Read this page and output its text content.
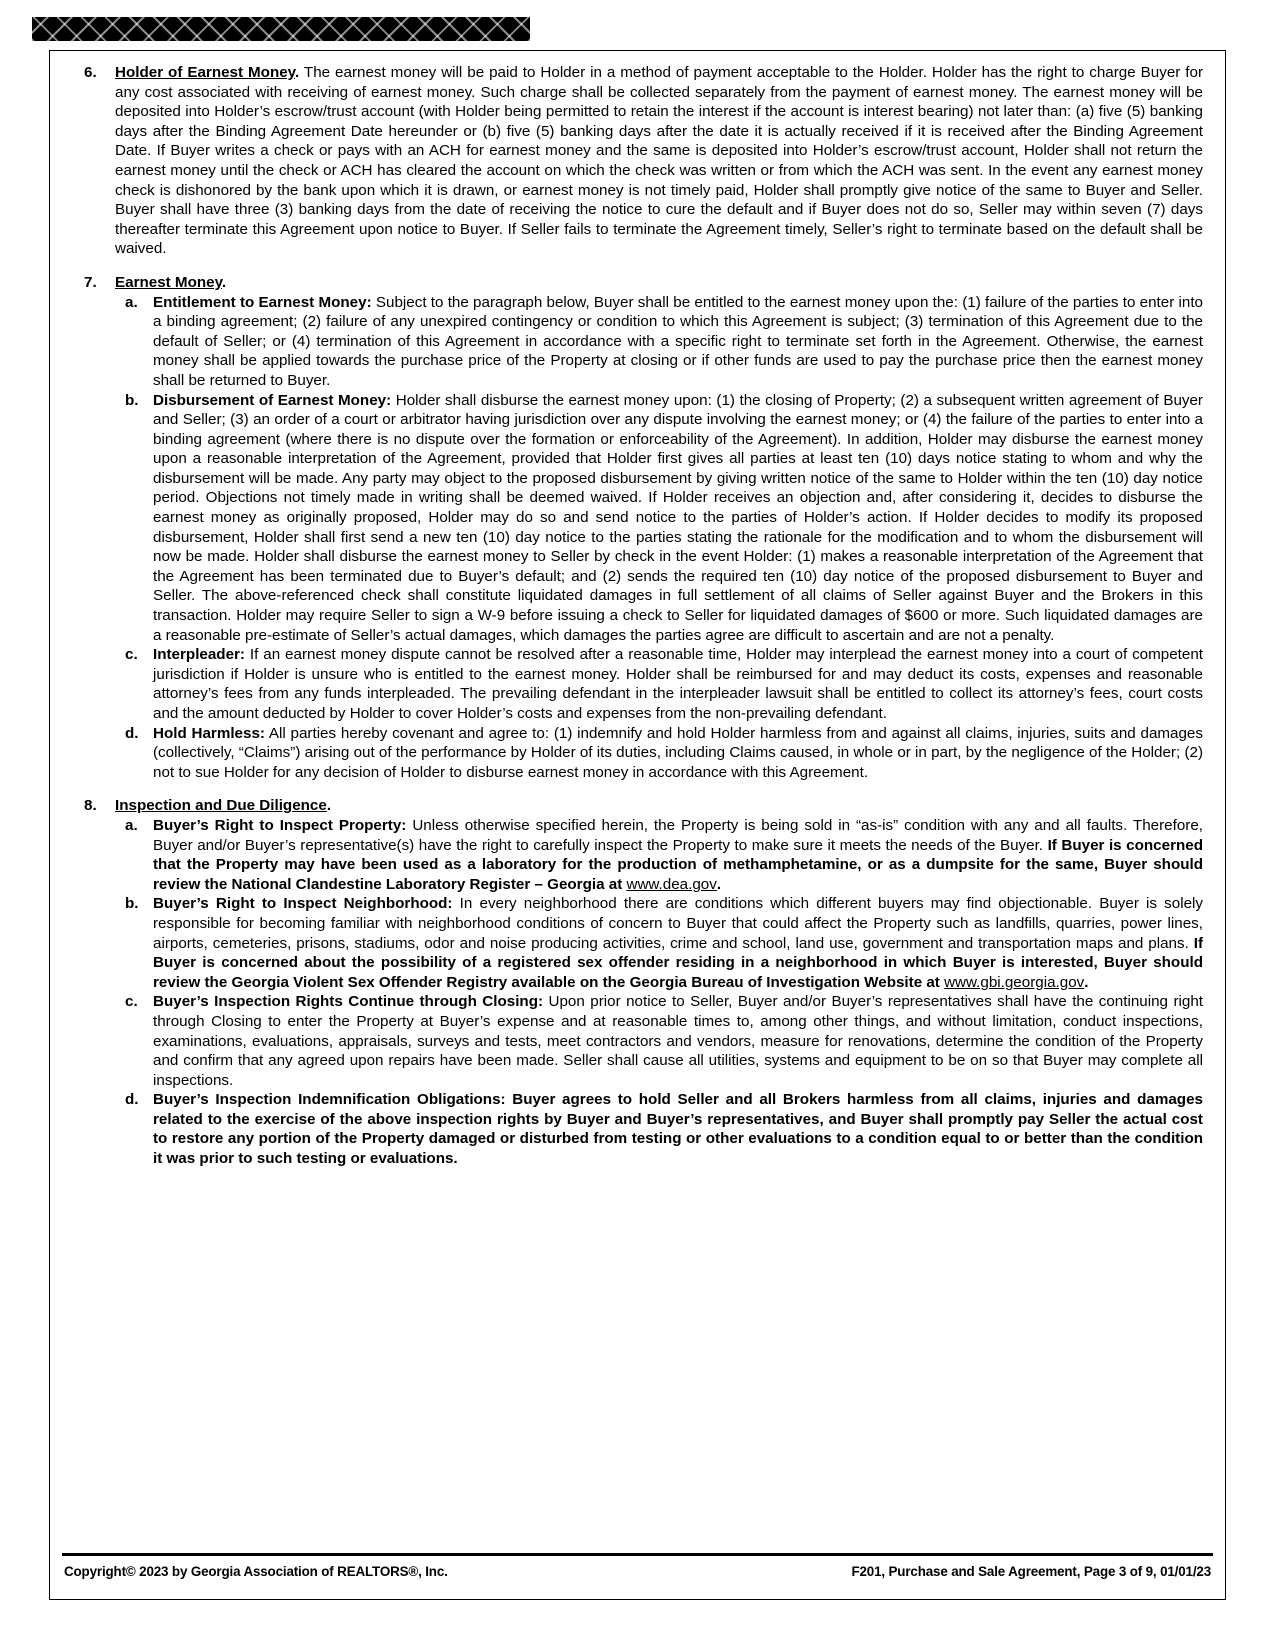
6. Holder of Earnest Money. The earnest money will be paid to Holder in a method of payment acceptable to the Holder. Holder has the right to charge Buyer for any cost associated with receiving of earnest money. Such charge shall be collected separately from the payment of earnest money. The earnest money will be deposited into Holder’s escrow/trust account (with Holder being permitted to retain the interest if the account is interest bearing) not later than: (a) five (5) banking days after the Binding Agreement Date hereunder or (b) five (5) banking days after the date it is actually received if it is received after the Binding Agreement Date. If Buyer writes a check or pays with an ACH for earnest money and the same is deposited into Holder’s escrow/trust account, Holder shall not return the earnest money until the check or ACH has cleared the account on which the check was written or from which the ACH was sent. In the event any earnest money check is dishonored by the bank upon which it is drawn, or earnest money is not timely paid, Holder shall promptly give notice of the same to Buyer and Seller. Buyer shall have three (3) banking days from the date of receiving the notice to cure the default and if Buyer does not do so, Seller may within seven (7) days thereafter terminate this Agreement upon notice to Buyer. If Seller fails to terminate the Agreement timely, Seller’s right to terminate based on the default shall be waived.

7. Earnest Money.

a. Entitlement to Earnest Money: Subject to the paragraph below, Buyer shall be entitled to the earnest money upon the: (1) failure of the parties to enter into a binding agreement; (2) failure of any unexpired contingency or condition to which this Agreement is subject; (3) termination of this Agreement due to the default of Seller; or (4) termination of this Agreement in accordance with a specific right to terminate set forth in the Agreement. Otherwise, the earnest money shall be applied towards the purchase price of the Property at closing or if other funds are used to pay the purchase price then the earnest money shall be returned to Buyer.

b. Disbursement of Earnest Money: Holder shall disburse the earnest money upon: (1) the closing of Property; (2) a subsequent written agreement of Buyer and Seller; (3) an order of a court or arbitrator having jurisdiction over any dispute involving the earnest money; or (4) the failure of the parties to enter into a binding agreement (where there is no dispute over the formation or enforceability of the Agreement). In addition, Holder may disburse the earnest money upon a reasonable interpretation of the Agreement, provided that Holder first gives all parties at least ten (10) days notice stating to whom and why the disbursement will be made. Any party may object to the proposed disbursement by giving written notice of the same to Holder within the ten (10) day notice period. Objections not timely made in writing shall be deemed waived. If Holder receives an objection and, after considering it, decides to disburse the earnest money as originally proposed, Holder may do so and send notice to the parties of Holder’s action. If Holder decides to modify its proposed disbursement, Holder shall first send a new ten (10) day notice to the parties stating the rationale for the modification and to whom the disbursement will now be made. Holder shall disburse the earnest money to Seller by check in the event Holder: (1) makes a reasonable interpretation of the Agreement that the Agreement has been terminated due to Buyer’s default; and (2) sends the required ten (10) day notice of the proposed disbursement to Buyer and Seller. The above-referenced check shall constitute liquidated damages in full settlement of all claims of Seller against Buyer and the Brokers in this transaction. Holder may require Seller to sign a W-9 before issuing a check to Seller for liquidated damages of $600 or more. Such liquidated damages are a reasonable pre-estimate of Seller’s actual damages, which damages the parties agree are difficult to ascertain and are not a penalty.

c. Interpleader: If an earnest money dispute cannot be resolved after a reasonable time, Holder may interplead the earnest money into a court of competent jurisdiction if Holder is unsure who is entitled to the earnest money. Holder shall be reimbursed for and may deduct its costs, expenses and reasonable attorney’s fees from any funds interpleaded. The prevailing defendant in the interpleader lawsuit shall be entitled to collect its attorney’s fees, court costs and the amount deducted by Holder to cover Holder’s costs and expenses from the non-prevailing defendant.

d. Hold Harmless: All parties hereby covenant and agree to: (1) indemnify and hold Holder harmless from and against all claims, injuries, suits and damages (collectively, “Claims”) arising out of the performance by Holder of its duties, including Claims caused, in whole or in part, by the negligence of the Holder; (2) not to sue Holder for any decision of Holder to disburse earnest money in accordance with this Agreement.

8. Inspection and Due Diligence.

a. Buyer’s Right to Inspect Property: Unless otherwise specified herein, the Property is being sold in “as-is” condition with any and all faults. Therefore, Buyer and/or Buyer’s representative(s) have the right to carefully inspect the Property to make sure it meets the needs of the Buyer. If Buyer is concerned that the Property may have been used as a laboratory for the production of methamphetamine, or as a dumpsite for the same, Buyer should review the National Clandestine Laboratory Register – Georgia at www.dea.gov.

b. Buyer’s Right to Inspect Neighborhood: In every neighborhood there are conditions which different buyers may find objectionable. Buyer is solely responsible for becoming familiar with neighborhood conditions of concern to Buyer that could affect the Property such as landfills, quarries, power lines, airports, cemeteries, prisons, stadiums, odor and noise producing activities, crime and school, land use, government and transportation maps and plans. If Buyer is concerned about the possibility of a registered sex offender residing in a neighborhood in which Buyer is interested, Buyer should review the Georgia Violent Sex Offender Registry available on the Georgia Bureau of Investigation Website at www.gbi.georgia.gov.

c. Buyer’s Inspection Rights Continue through Closing: Upon prior notice to Seller, Buyer and/or Buyer’s representatives shall have the continuing right through Closing to enter the Property at Buyer’s expense and at reasonable times to, among other things, and without limitation, conduct inspections, examinations, evaluations, appraisals, surveys and tests, meet contractors and vendors, measure for renovations, determine the condition of the Property and confirm that any agreed upon repairs have been made. Seller shall cause all utilities, systems and equipment to be on so that Buyer may complete all inspections.

d. Buyer’s Inspection Indemnification Obligations: Buyer agrees to hold Seller and all Brokers harmless from all claims, injuries and damages related to the exercise of the above inspection rights by Buyer and Buyer’s representatives, and Buyer shall promptly pay Seller the actual cost to restore any portion of the Property damaged or disturbed from testing or other evaluations to a condition equal to or better than the condition it was prior to such testing or evaluations.

Copyright© 2023 by Georgia Association of REALTORS®, Inc.	F201, Purchase and Sale Agreement, Page 3 of 9, 01/01/23
